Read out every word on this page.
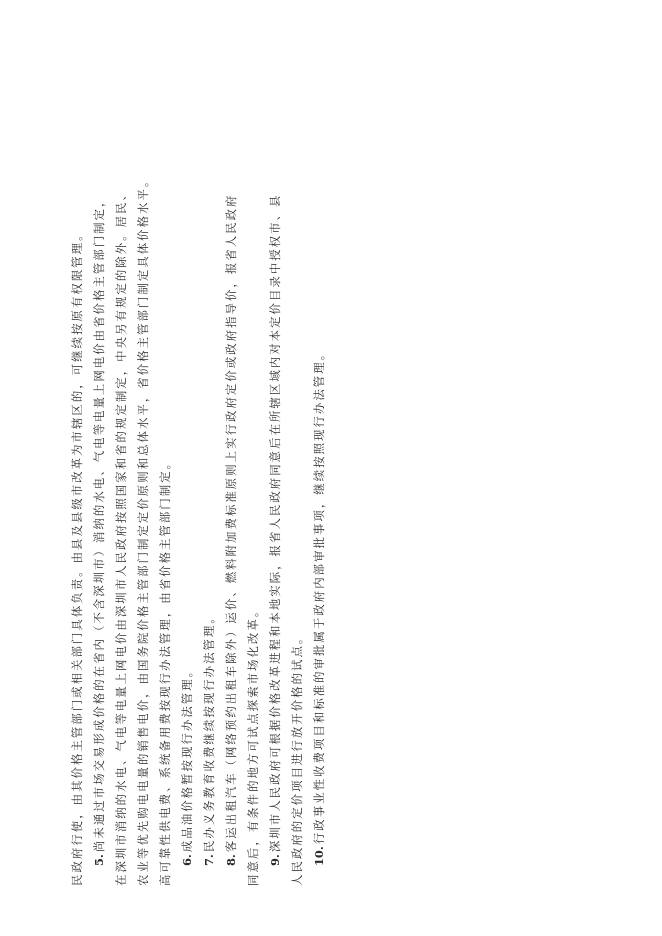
民政府行使，由其价格主管部门或相关部门具体负责。由县及县级市改革为市辖区的，可继续按原有权限管理。 5.尚未通过市场交易形成价格的在省内（不含深圳市）消纳的水电、气电等电量上网电价由省价格主管部门制定， 在深圳市消纳的水电、气电等电量上网电价由深圳市人民政府按照国家和省的规定制定，中央另有规定的除外。居民、 农业等优先购电电量的销售电价，由国务院价格主管部门制定定价原则和总体水平，省价格主管部门制定具体价格水平。 高可靠性供电费、系统备用费按现行办法管理，由省价格主管部门制定。 6.成品油价格暂按现行办法管理。
7.民办义务教育收费继续按现行办法管理。
8.客运出租汽车（网络预约出租车除外）运价、燃料附加费标准原则上实行政府定价或政府指导价，报省人民政府 同意后，有条件的地方可试点探索市场化改革。 9.深圳市人民政府可根据价格改革进程和本地实际，报省人民政府同意后在所辖区域内对本定价目录中授权市、县 人民政府的定价项目进行放开价格的试点。 10.行政事业性收费项目和标准的审批属于政府内部审批事项，继续按照现行办法管理。
